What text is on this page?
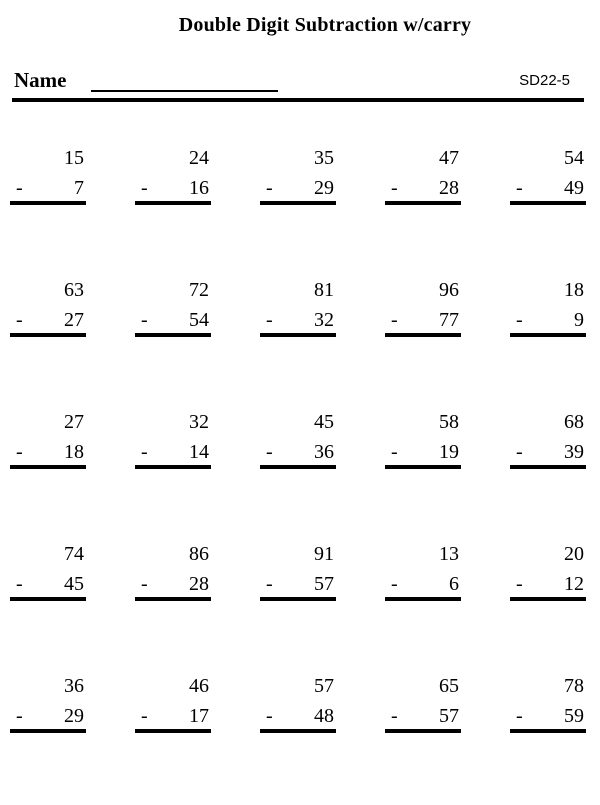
Double Digit Subtraction w/carry
Name	SD22-5
15
-	7
24
- 16
35
- 29
47
- 28
54
- 49
63
- 27
72
- 54
81
- 32
96
- 77
18
-	9
27
- 18
32
- 14
45
- 36
58
- 19
68
- 39
74
- 45
86
- 28
91
- 57
13
-	6
20
- 12
36
- 29
46
- 17
57
- 48
65
- 57
78
- 59
